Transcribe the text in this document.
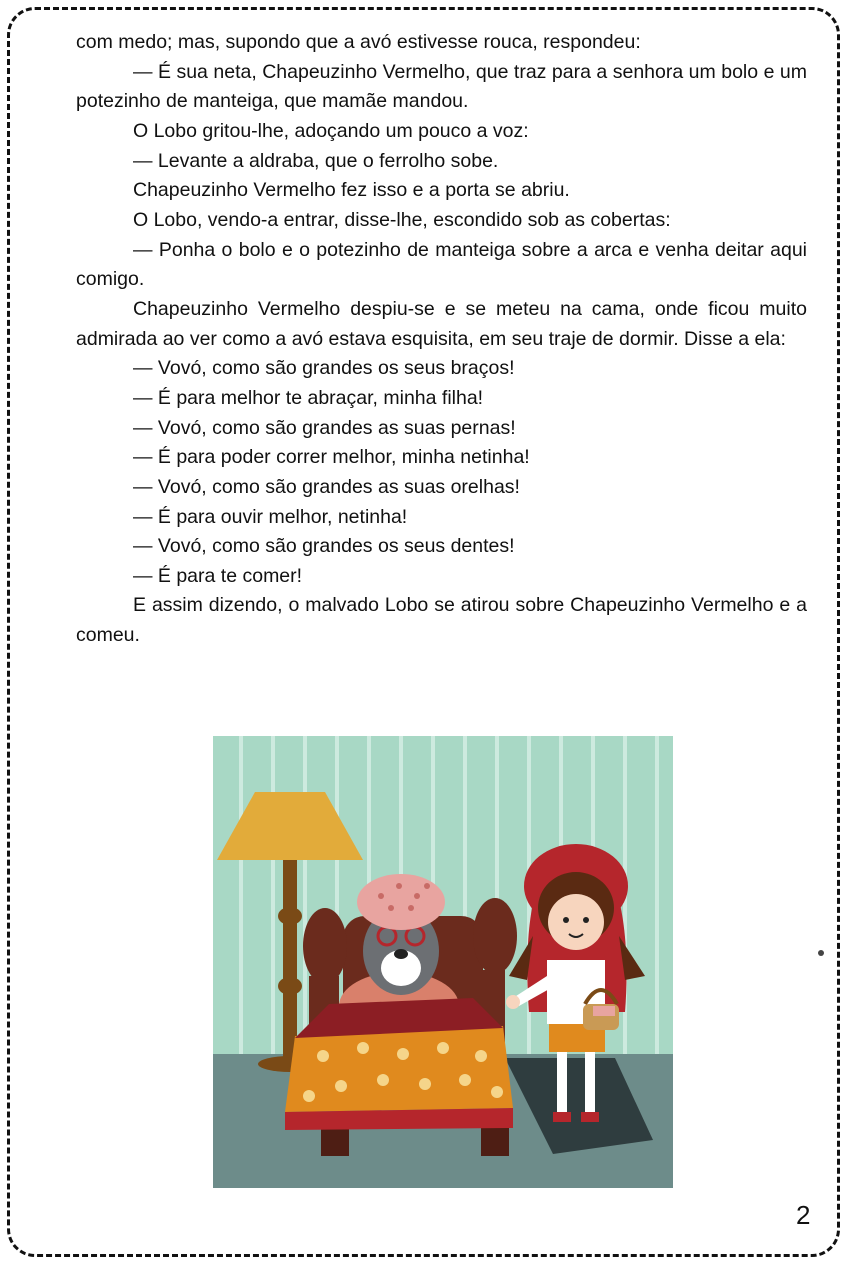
com medo; mas, supondo que a avó estivesse rouca, respondeu:

— É sua neta, Chapeuzinho Vermelho, que traz para a senhora um bolo e um potezinho de manteiga, que mamãe mandou.

O Lobo gritou-lhe, adoçando um pouco a voz:

— Levante a aldraba, que o ferrolho sobe.

Chapeuzinho Vermelho fez isso e a porta se abriu.

O Lobo, vendo-a entrar, disse-lhe, escondido sob as cobertas:

— Ponha o bolo e o potezinho de manteiga sobre a arca e venha deitar aqui comigo.

Chapeuzinho Vermelho despiu-se e se meteu na cama, onde ficou muito admirada ao ver como a avó estava esquisita, em seu traje de dormir. Disse a ela:

— Vovó, como são grandes os seus braços!

— É para melhor te abraçar, minha filha!

— Vovó, como são grandes as suas pernas!

— É para poder correr melhor, minha netinha!

— Vovó, como são grandes as suas orelhas!

— É para ouvir melhor, netinha!

— Vovó, como são grandes os seus dentes!

— É para te comer!

E assim dizendo, o malvado Lobo se atirou sobre Chapeuzinho Vermelho e a comeu.

2
